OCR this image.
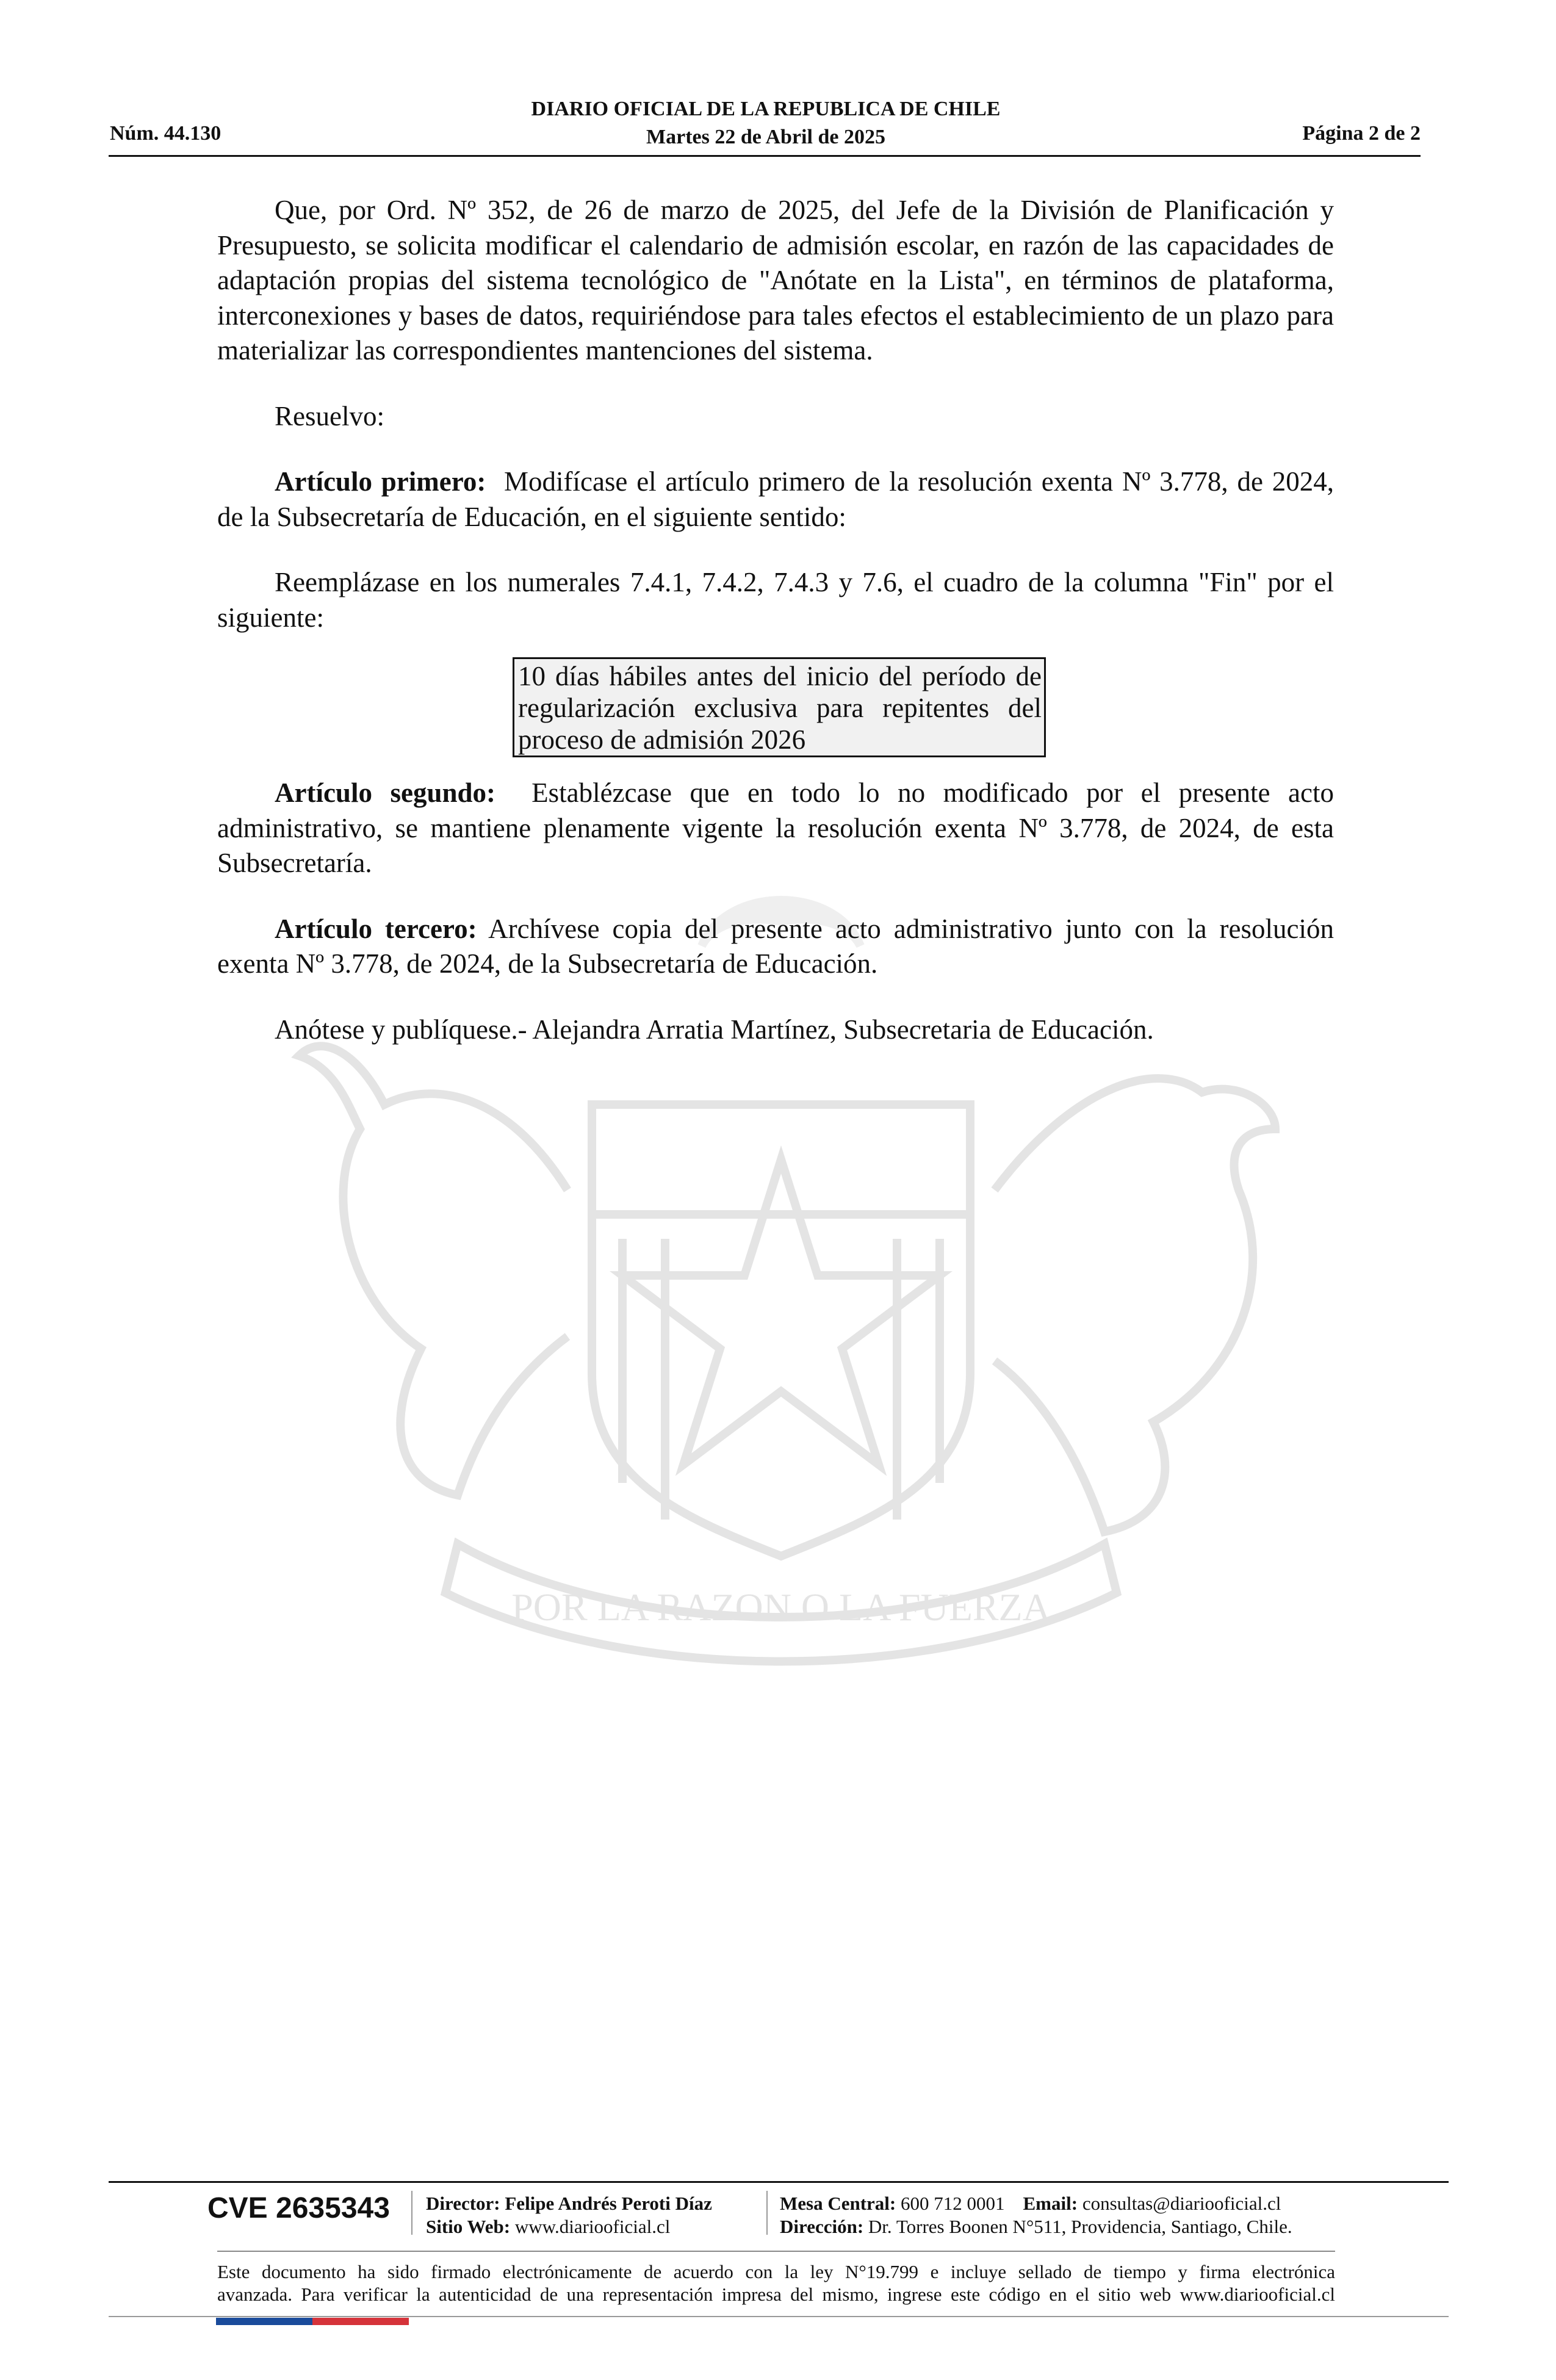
POR LA RAZON O LA FUERZA
Núm. 44.130
DIARIO OFICIAL DE LA REPUBLICA DE CHILE
Martes 22 de Abril de 2025	Página 2 de 2

Que, por Ord. Nº 352, de 26 de marzo de 2025, del Jefe de la División de Planificación y Presupuesto, se solicita modificar el calendario de admisión escolar, en razón de las capacidades de adaptación propias del sistema tecnológico de "Anótate en la Lista", en términos de plataforma, interconexiones y bases de datos, requiriéndose para tales efectos el establecimiento de un plazo para materializar las correspondientes mantenciones del sistema.

Resuelvo:

Artículo primero: Modifícase el artículo primero de la resolución exenta Nº 3.778, de 2024, de la Subsecretaría de Educación, en el siguiente sentido:

Reemplázase en los numerales 7.4.1, 7.4.2, 7.4.3 y 7.6, el cuadro de la columna "Fin" por el siguiente:

10 días hábiles antes del inicio del período de regularización exclusiva para repitentes del proceso de admisión 2026

Artículo segundo: Establézcase que en todo lo no modificado por el presente acto administrativo, se mantiene plenamente vigente la resolución exenta Nº 3.778, de 2024, de esta Subsecretaría.

Artículo tercero: Archívese copia del presente acto administrativo junto con la resolución exenta Nº 3.778, de 2024, de la Subsecretaría de Educación.

Anótese y publíquese.- Alejandra Arratia Martínez, Subsecretaria de Educación.

CVE 2635343 Director: Felipe Andrés Peroti Díaz
Sitio Web: www.diariooficial.cl
Mesa Central: 600 712 0001 Email: consultas@diariooficial.cl
Dirección: Dr. Torres Boonen N°511, Providencia, Santiago, Chile.
Este documento ha sido firmado electrónicamente de acuerdo con la ley N°19.799 e incluye sellado de tiempo y firma electrónica
avanzada. Para verificar la autenticidad de una representación impresa del mismo, ingrese este código en el sitio web www.diariooficial.cl
